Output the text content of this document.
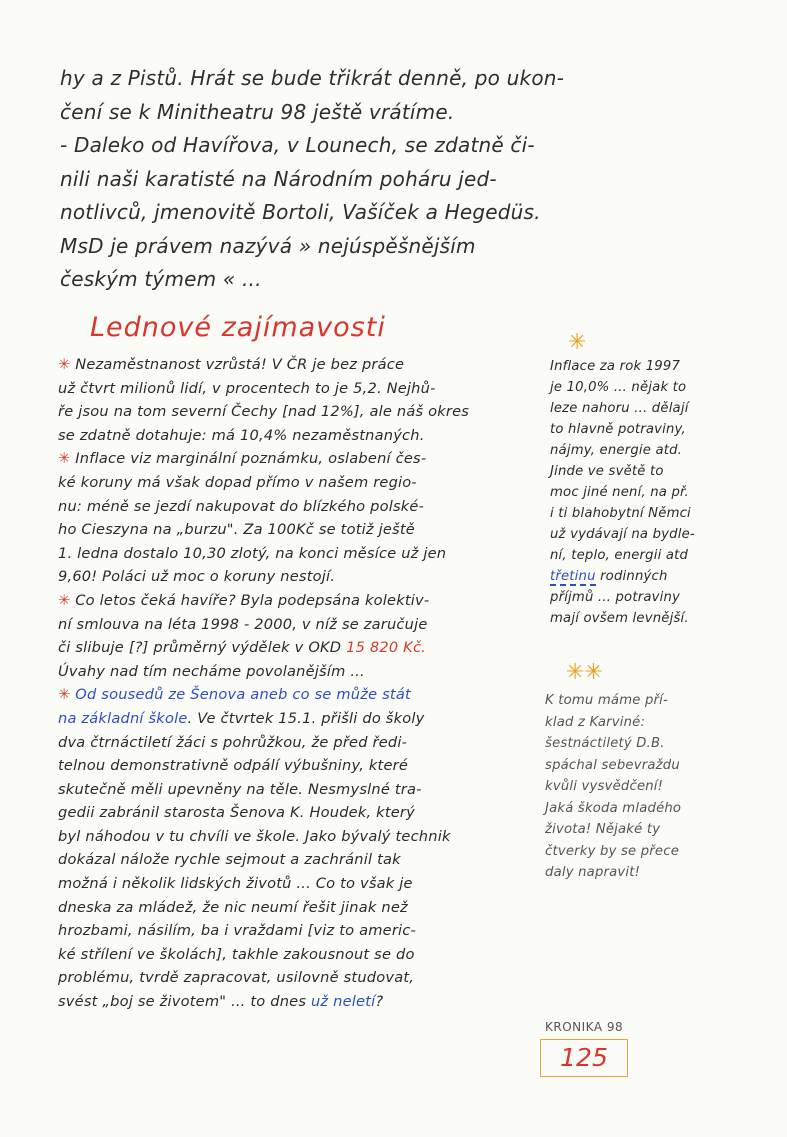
hy a z Pistů. Hrát se bude třikrát denně, po ukon-
čení se k Minitheatru 98 ještě vrátíme.
- Daleko od Havířova, v Lounech, se zdatně či-
nili naši karatisté na Národním poháru jed-
notlivců, jmenovitě Bortoli, Vašíček a Hegedüs.
MsD je právem nazývá » nejúspěšnějším
českým týmem « ...
Lednové zajímavosti
✳ Nezaměstnanost vzrůstá! V ČR je bez práce
už čtvrt milionů lidí, v procentech to je 5,2. Nejhů-
ře jsou na tom severní Čechy [nad 12%], ale náš okres
se zdatně dotahuje: má 10,4% nezaměstnaných.
✳ Inflace viz marginální poznámku, oslabení čes-
ké koruny má však dopad přímo v našem regio-
nu: méně se jezdí nakupovat do blízkého polské-
ho Cieszyna na „burzu". Za 100Kč se totiž ještě
1. ledna dostalo 10,30 zlotý, na konci měsíce už jen
9,60! Poláci už moc o koruny nestojí.
✳ Co letos čeká havíře? Byla podepsána kolektiv-
ní smlouva na léta 1998 - 2000, v níž se zaručuje
či slibuje [?] průměrný výdělek v OKD 15 820 Kč.
Úvahy nad tím necháme povolanějším ...
✳ Od sousedů ze Šenova aneb co se může stát
na základní škole. Ve čtvrtek 15.1. přišli do školy
dva čtrnáctiletí žáci s pohrůžkou, že před ředi-
telnou demonstrativně odpálí výbušniny, které
skutečně měli upevněny na těle. Nesmyslné tra-
gedii zabránil starosta Šenova K. Houdek, který
byl náhodou v tu chvíli ve škole. Jako bývalý technik
dokázal nálože rychle sejmout a zachránil tak
možná i několik lidských životů ... Co to však je
dneska za mládež, že nic neumí řešit jinak než
hrozbami, násilím, ba i vraždami [viz to americ-
ké střílení ve školách], takhle zakousnout se do
problému, tvrdě zapracovat, usilovně studovat,
svést „boj se životem" ... to dnes už neletí?
✳
Inflace za rok 1997
je 10,0% ... nějak to
leze nahoru ... dělají
to hlavně potraviny,
nájmy, energie atd.
Jinde ve světě to
moc jiné není, na př.
i ti blahobytní Němci
už vydávají na bydle-
ní, teplo, energii atd
třetinu rodinných
příjmů ... potraviny
mají ovšem levnější.
✳✳
K tomu máme pří-
klad z Karviné:
šestnáctiletý D.B.
spáchal sebevraždu
kvůli vysvědčení!
Jaká škoda mladého
života! Nějaké ty
čtverky by se přece
daly napravit!
KRONIKA 98
125
